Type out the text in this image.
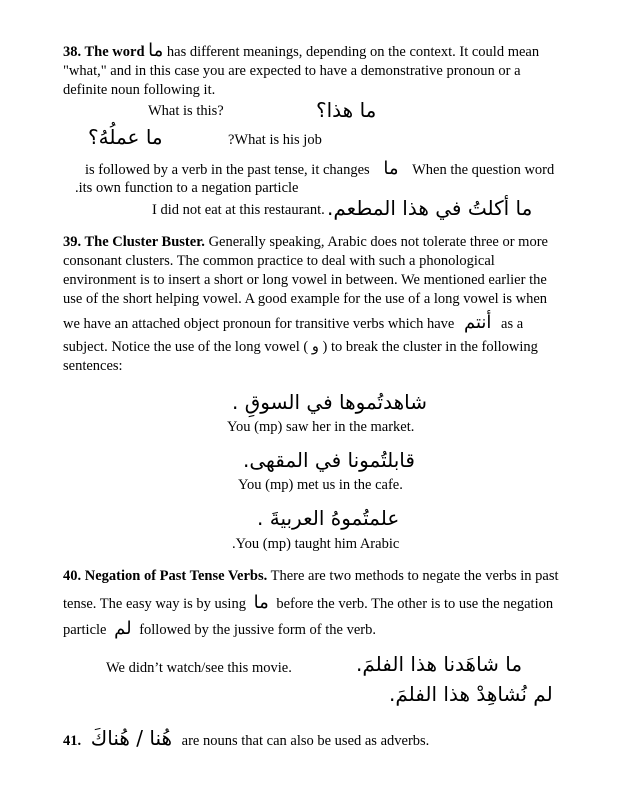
38. The word ما has different meanings, depending on the context. It could mean
"what," and in this case you are expected to have a demonstrative pronoun or a
definite noun following it.
What is this?	ما هذا؟
ما عملُهُ؟	?What is his job
is followed by a verb in the past tense, it changes ما When the question word
.its own function to a negation particle
I did not eat at this restaurant. ما أكلتُ في هذا المطعم.
39. The Cluster Buster. Generally speaking, Arabic does not tolerate three or more
consonant clusters. The common practice to deal with such a phonological
environment is to insert a short or long vowel in between. We mentioned earlier the
use of the short helping vowel. A good example for the use of a long vowel is when
we have an attached object pronoun for transitive verbs which have أنتم as a
subject. Notice the use of the long vowel ( و ) to break the cluster in the following
sentences:
شاهدتُموها في السوقِ .
You (mp) saw her in the market.
قابلتُمونا في المقهى.
You (mp) met us in the cafe.
علمتُموهُ العربيةَ .
.You (mp) taught him Arabic
40. Negation of Past Tense Verbs. There are two methods to negate the verbs in past
tense. The easy way is by using ما before the verb. The other is to use the negation
particle لم followed by the jussive form of the verb.
We didn’t watch/see this movie.	ما شاهَدنا هذا الفلمَ.
لم نُشاهِدْ هذا الفلمَ.
41. هُنا / هُناكَ are nouns that can also be used as adverbs.
